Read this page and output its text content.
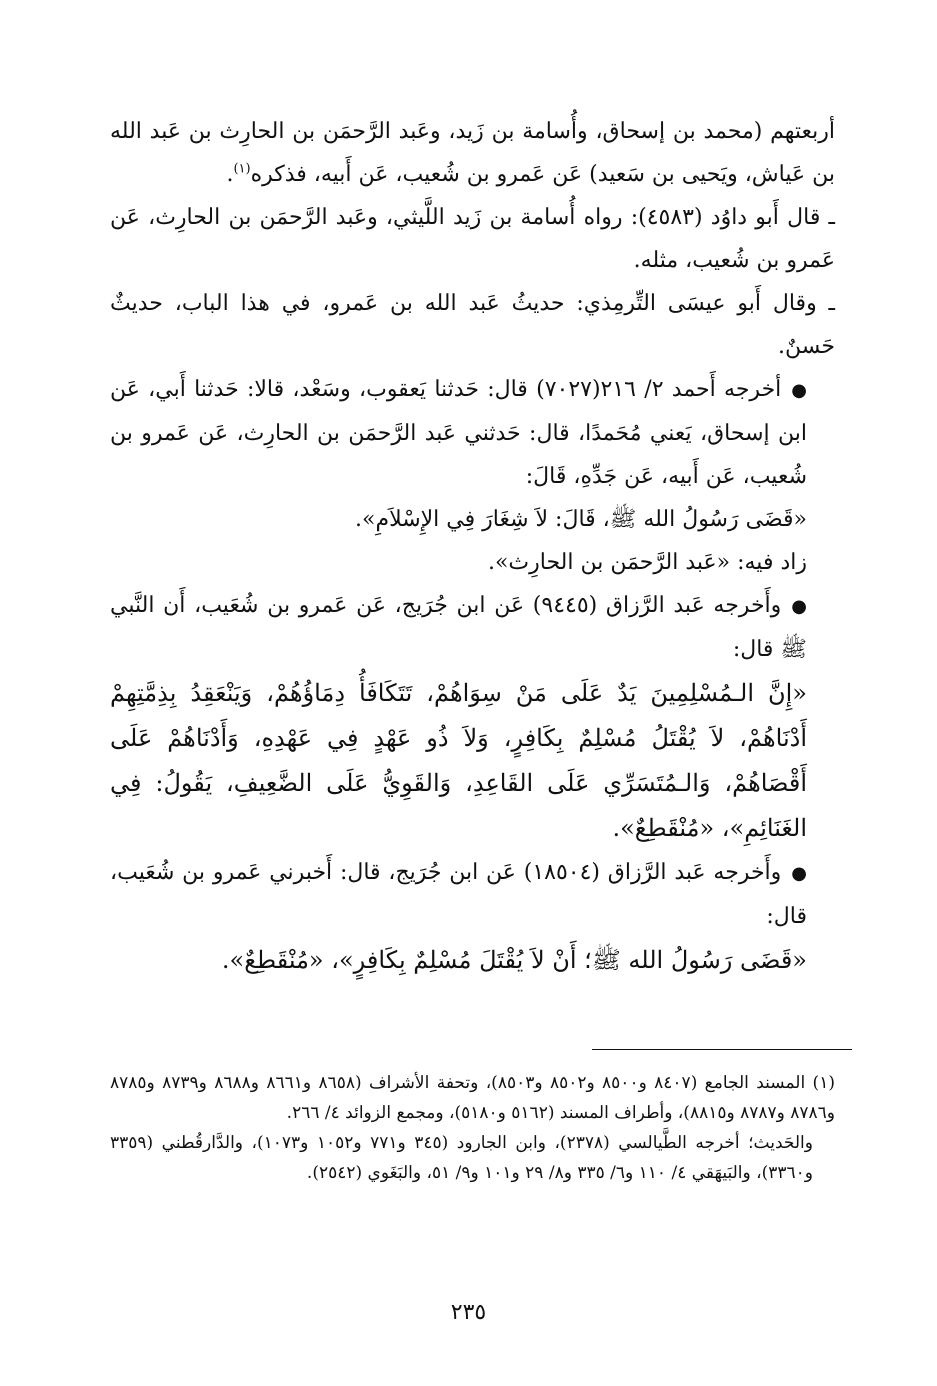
أربعتهم (محمد بن إسحاق، وأُسامة بن زَيد، وعَبد الرَّحمَن بن الحارِث بن عَبد الله بن عَياش، ويَحيى بن سَعيد) عَن عَمرو بن شُعيب، عَن أَبيه، فذكره$^{(١)}$.

ـ قال أَبو داوُد (٤٥٨٣): رواه أُسامة بن زَيد اللَّيثي، وعَبد الرَّحمَن بن الحارِث، عَن عَمرو بن شُعيب، مثله.

ـ وقال أَبو عيسَى التِّرمِذي: حديثُ عَبد الله بن عَمرو، في هذا الباب، حديثٌ حَسنٌ.

●أخرجه أَحمد ٢/ ٢١٦(٧٠٢٧) قال: حَدثنا يَعقوب، وسَعْد، قالا: حَدثنا أَبي، عَن ابن إسحاق، يَعني مُحَمدًا، قال: حَدثني عَبد الرَّحمَن بن الحارِث، عَن عَمرو بن شُعيب، عَن أَبيه، عَن جَدِّهِ، قَالَ:

«قَضَى رَسُولُ الله ﷺ، قَالَ: لاَ شِغَارَ فِي الإِسْلاَمِ».

زاد فيه: «عَبد الرَّحمَن بن الحارِث».

●وأَخرجه عَبد الرَّزاق (٩٤٤٥) عَن ابن جُرَيج، عَن عَمرو بن شُعَيب، أَن النَّبي ﷺ قال:

«إِنَّ الـمُسْلِمِينَ يَدٌ عَلَى مَنْ سِوَاهُمْ، تَتَكَافَأُ دِمَاؤُهُمْ، وَيَنْعَقِدُ بِذِمَّتِهِمْ أَدْنَاهُمْ، لاَ يُقْتَلُ مُسْلِمٌ بِكَافِرٍ، وَلاَ ذُو عَهْدٍ فِي عَهْدِهِ، وَأَدْنَاهُمْ عَلَى أَقْصَاهُمْ، وَالـمُتَسَرِّي عَلَى القَاعِدِ، وَالقَوِيُّ عَلَى الضَّعِيفِ، يَقُولُ: فِي الغَنَائِمِ»، «مُنْقَطِعٌ».

●وأَخرجه عَبد الرَّزاق (١٨٥٠٤) عَن ابن جُرَيج، قال: أَخبرني عَمرو بن شُعَيب، قال:

«قَضَى رَسُولُ الله ﷺ؛ أَنْ لاَ يُقْتَلَ مُسْلِمٌ بِكَافِرٍ»، «مُنْقَطِعٌ».

(١) المسند الجامع (٨٤٠٧ و٨٥٠٠ و٨٥٠٢ و٨٥٠٣)، وتحفة الأشراف (٨٦٥٨ و٨٦٦١ و٨٦٨٨ و٨٧٣٩ و٨٧٨٥ و٨٧٨٦ و٨٧٨٧ و٨٨١٥)، وأطراف المسند (٥١٦٢ و٥١٨٠)، ومجمع الزوائد ٤/ ٢٦٦.

والحَديث؛ أخرجه الطَّيالسي (٢٣٧٨)، وابن الجارود (٣٤٥ و٧٧١ و١٠٥٢ و١٠٧٣)، والدَّارقُطني (٣٣٥٩ و٣٣٦٠)، والبَيهَقي ٤/ ١١٠ و٦/ ٣٣٥ و٨/ ٢٩ و١٠١ و٩/ ٥١، والبَغَوي (٢٥٤٢).

٢٣٥
